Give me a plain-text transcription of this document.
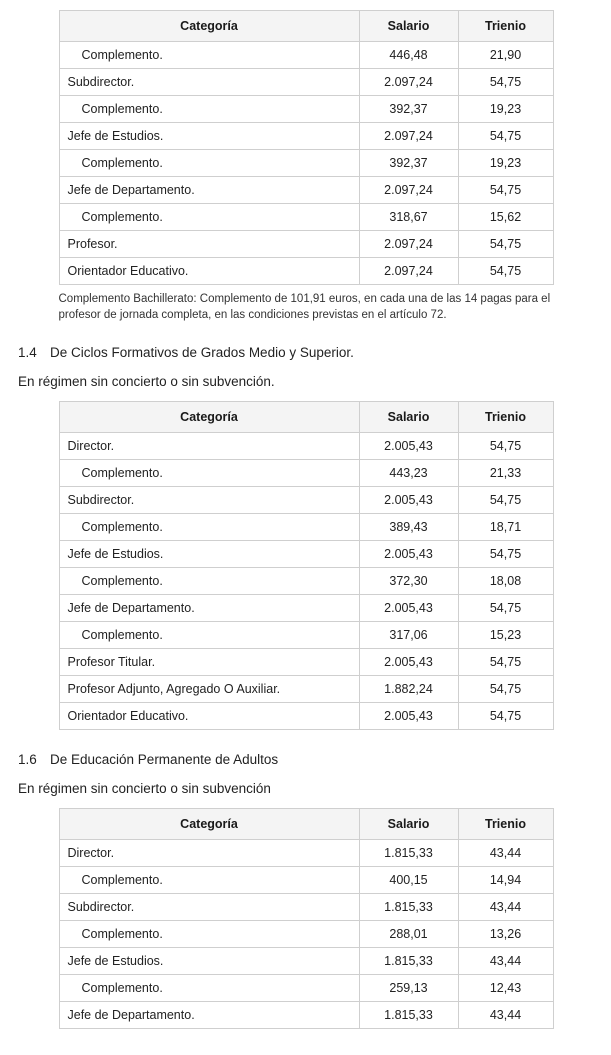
Categoría	Salario	Trienio
Complemento.	446,48	21,90
Subdirector.	2.097,24	54,75
Complemento.	392,37	19,23
Jefe de Estudios.	2.097,24	54,75
Complemento.	392,37	19,23
Jefe de Departamento.	2.097,24	54,75
Complemento.	318,67	15,62
Profesor.	2.097,24	54,75
Orientador Educativo.	2.097,24	54,75

Complemento Bachillerato: Complemento de 101,91 euros, en cada una de las 14 pagas para el profesor de jornada completa, en las condiciones previstas en el artículo 72.

1.4 De Ciclos Formativos de Grados Medio y Superior.
En régimen sin concierto o sin subvención.
Categoría	Salario	Trienio
Director.	2.005,43	54,75
Complemento.	443,23	21,33
Subdirector.	2.005,43	54,75
Complemento.	389,43	18,71
Jefe de Estudios.	2.005,43	54,75
Complemento.	372,30	18,08
Jefe de Departamento.	2.005,43	54,75
Complemento.	317,06	15,23
Profesor Titular.	2.005,43	54,75
Profesor Adjunto, Agregado O Auxiliar.	1.882,24	54,75
Orientador Educativo.	2.005,43	54,75
1.6 De Educación Permanente de Adultos
En régimen sin concierto o sin subvención
Categoría	Salario	Trienio
Director.	1.815,33	43,44
Complemento.	400,15	14,94
Subdirector.	1.815,33	43,44
Complemento.	288,01	13,26
Jefe de Estudios.	1.815,33	43,44
Complemento.	259,13	12,43
Jefe de Departamento.	1.815,33	43,44
